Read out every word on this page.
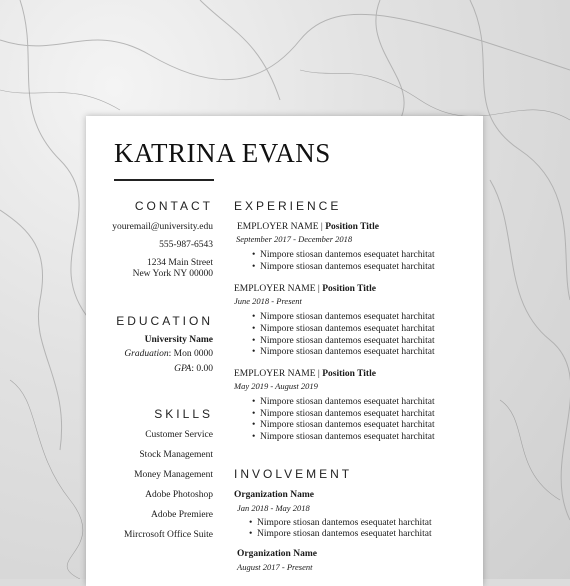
KATRINA EVANS
CONTACT
youremail@university.edu
555-987-6543
1234 Main Street
New York NY 00000
EDUCATION
University Name
Graduation: Mon 0000
GPA: 0.00
SKILLS
Customer Service
Stock Management
Money Management
Adobe Photoshop
Adobe Premiere
Mircrosoft Office Suite
EXPERIENCE
EMPLOYER NAME | Position Title
September 2017 - December 2018
• Nimpore stiosan dantemos esequatet harchitat
• Nimpore stiosan dantemos esequatet harchitat
EMPLOYER NAME | Position Title
June 2018 - Present
• Nimpore stiosan dantemos esequatet harchitat
• Nimpore stiosan dantemos esequatet harchitat
• Nimpore stiosan dantemos esequatet harchitat
• Nimpore stiosan dantemos esequatet harchitat
EMPLOYER NAME | Position Title
May 2019 - August 2019
• Nimpore stiosan dantemos esequatet harchitat
• Nimpore stiosan dantemos esequatet harchitat
• Nimpore stiosan dantemos esequatet harchitat
• Nimpore stiosan dantemos esequatet harchitat
INVOLVEMENT
Organization Name
Jan 2018 - May 2018
• Nimpore stiosan dantemos esequatet harchitat
• Nimpore stiosan dantemos esequatet harchitat
Organization Name
August 2017 - Present
